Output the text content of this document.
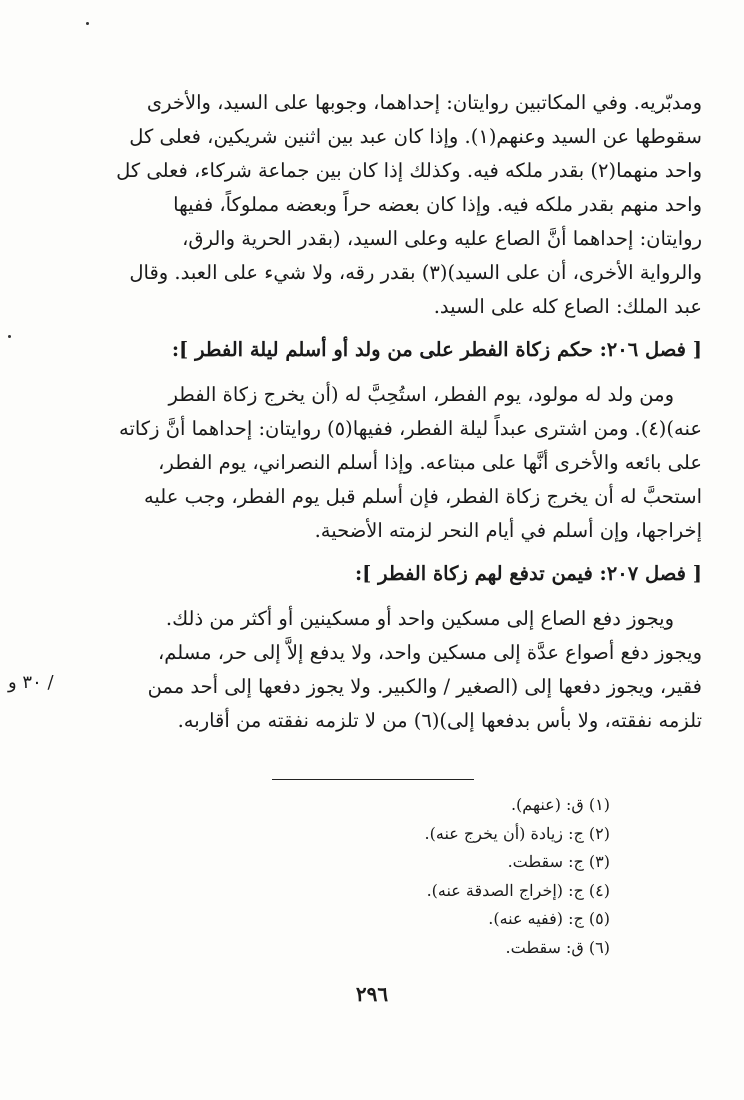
ومدبّريه. وفي المكاتبين روايتان: إحداهما، وجوبها على السيد، والأخرى
سقوطها عن السيد وعنهم(١). وإذا كان عبد بين اثنين شريكين، فعلى كل
واحد منهما(٢) بقدر ملكه فيه. وكذلك إذا كان بين جماعة شركاء، فعلى كل
واحد منهم بقدر ملكه فيه. وإذا كان بعضه حراً وبعضه مملوكاً، ففيها
روايتان: إحداهما أنَّ الصاع عليه وعلى السيد، (بقدر الحرية والرق،
والرواية الأخرى، أن على السيد)(٣) بقدر رقه، ولا شيء على العبد. وقال
عبد الملك: الصاع كله على السيد.
[ فصل ٢٠٦: حكم زكاة الفطر على من ولد أو أسلم ليلة الفطر ]:
ومن ولد له مولود، يوم الفطر، استُحِبَّ له (أن يخرج زكاة الفطر
عنه)(٤). ومن اشترى عبداً ليلة الفطر، ففيها(٥) روايتان: إحداهما أنَّ زكاته
على بائعه والأخرى أنَّها على مبتاعه. وإذا أسلم النصراني، يوم الفطر،
استحبَّ له أن يخرج زكاة الفطر، فإن أسلم قبل يوم الفطر، وجب عليه
إخراجها، وإن أسلم في أيام النحر لزمته الأضحية.
[ فصل ٢٠٧: فيمن تدفع لهم زكاة الفطر ]:
ويجوز دفع الصاع إلى مسكين واحد أو مسكينين أو أكثر من ذلك.
ويجوز دفع أصواع عدَّة إلى مسكين واحد، ولا يدفع إلاَّ إلى حر، مسلم،
فقير، ويجوز دفعها إلى (الصغير / والكبير. ولا يجوز دفعها إلى أحد ممن
تلزمه نفقته، ولا بأس بدفعها إلى)(٦) من لا تلزمه نفقته من أقاربه.
/ ٣٠ و
(١) ق: (عنهم).
(٢) ج: زيادة (أن يخرج عنه).
(٣) ج: سقطت.
(٤) ج: (إخراج الصدقة عنه).
(٥) ج: (ففيه عنه).
(٦) ق: سقطت.
٢٩٦
